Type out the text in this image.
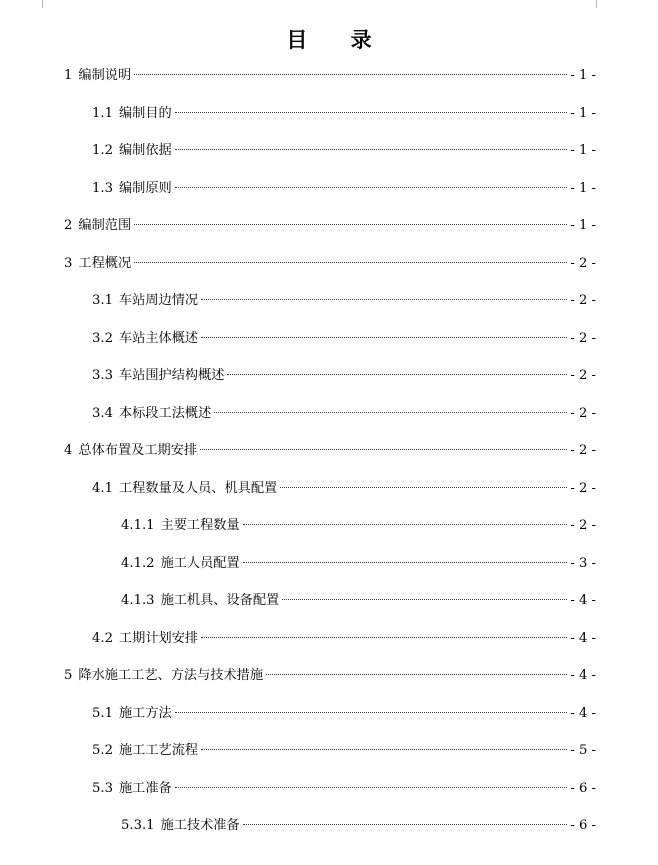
目 录
1 编制说明	- 1 -
1.1 编制目的	- 1 -
1.2 编制依据	- 1 -
1.3 编制原则	- 1 -
2 编制范围	- 1 -
3 工程概况	- 2 -
3.1 车站周边情况	- 2 -
3.2 车站主体概述	- 2 -
3.3 车站围护结构概述	- 2 -
3.4 本标段工法概述	- 2 -
4 总体布置及工期安排	- 2 -
4.1 工程数量及人员、机具配置	- 2 -
4.1.1 主要工程数量	- 2 -
4.1.2 施工人员配置	- 3 -
4.1.3 施工机具、设备配置	- 4 -
4.2 工期计划安排	- 4 -
5 降水施工工艺、方法与技术措施	- 4 -
5.1 施工方法	- 4 -
5.2 施工工艺流程	- 5 -
5.3 施工准备	- 6 -
5.3.1 施工技术准备	- 6 -
